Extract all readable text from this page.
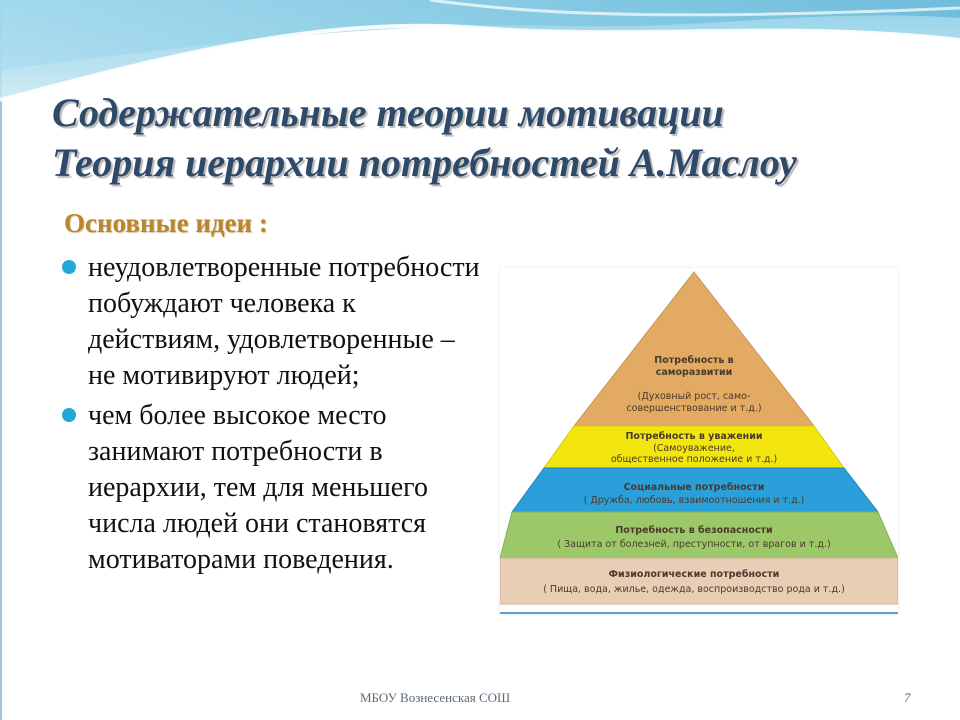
Содержательные теории мотивации
Теория иерархии потребностей А.Маслоу
Основные идеи :
неудовлетворенные потребности побуждают человека к действиям, удовлетворенные – не мотивируют людей;
чем более высокое место занимают потребности в иерархии, тем для меньшего числа людей они становятся мотиваторами поведения.
Потребность в
саморазвитии
(Духовный рост, само-
совершенствование и т.д.)
Потребность в уважении
(Самоуважение,
общественное положение и т.д.)
Социальные потребности
( Дружба, любовь, взаимоотношения и т.д.)
Потребность в безопасности
( Защита от болезней, преступности, от врагов и т.д.)
Физиологические потребности
( Пища, вода, жилье, одежда, воспроизводство рода и т.д.)
МБОУ Вознесенская СОШ	7
